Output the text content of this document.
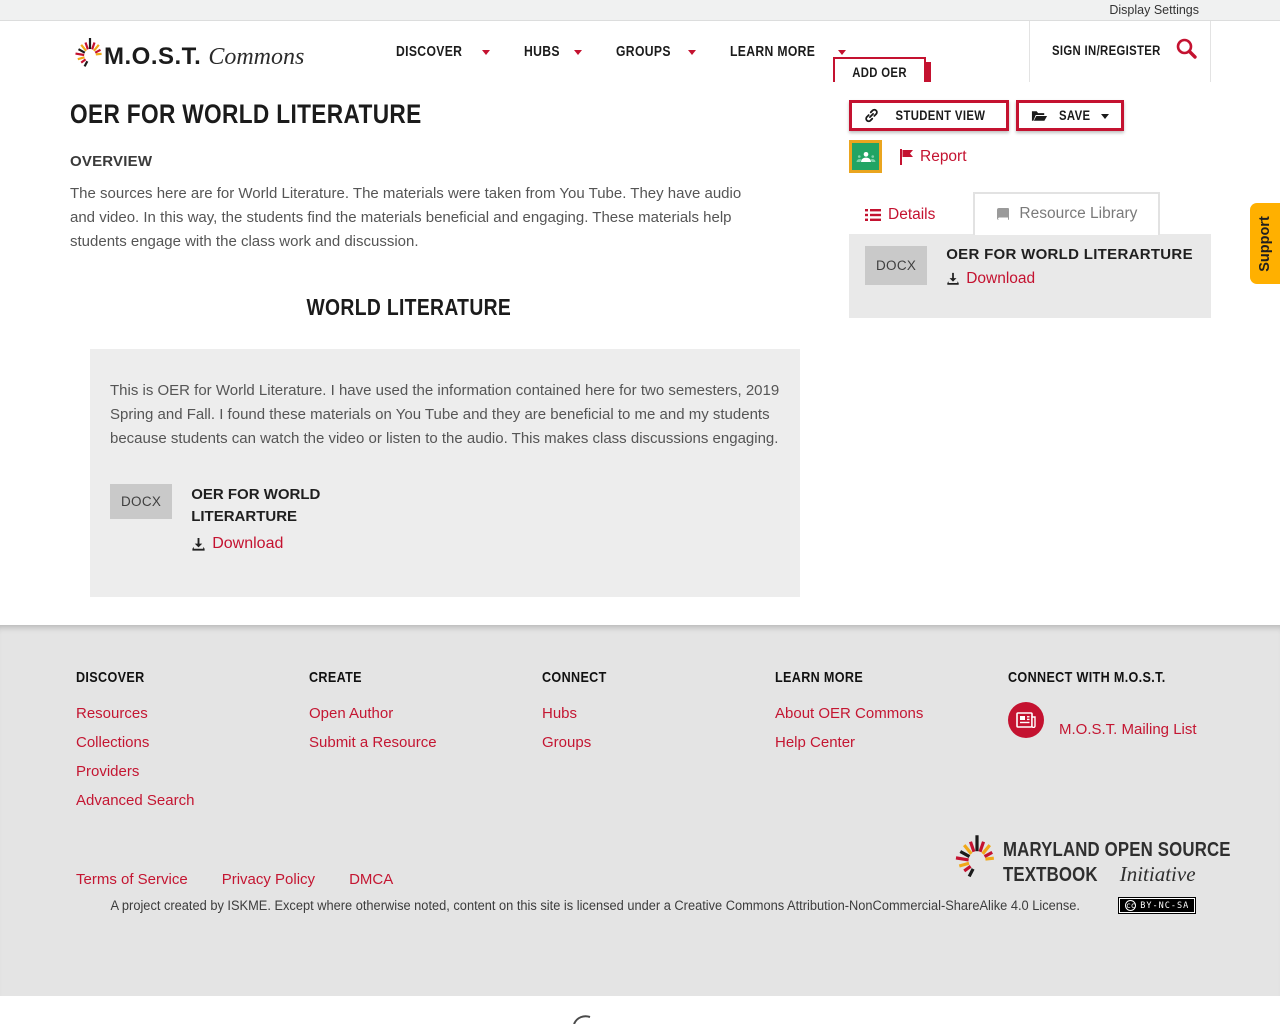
Display Settings
M.O.S.T. Commons	DISCOVER	HUBS	GROUPS	LEARN MORE
ADD OER
SIGN IN/REGISTER
OER FOR WORLD LITERATURE
OVERVIEW

The sources here are for World Literature. The materials were taken from You Tube. They have audio and video. In this way, the students find the materials beneficial and engaging. These materials help students engage with the class work and discussion.

WORLD LITERATURE

This is OER for World Literature. I have used the information contained here for two semesters, 2019 Spring and Fall. I found these materials on You Tube and they are beneficial to me and my students because students can watch the video or listen to the audio. This makes class discussions engaging.

DOCX	OER FOR WORLD LITERARTURE
Download
STUDENT VIEW	SAVE
Report
Details	Resource Library
DOCX
OER FOR WORLD LITERARTURE
Download
Support
DISCOVER
Resources
Collections
Providers
Advanced Search
CREATE
Open Author
Submit a Resource
CONNECT
Hubs
Groups
LEARN MORE
About OER Commons
Help Center
CONNECT WITH M.O.S.T.
M.O.S.T. Mailing List
Terms of Service Privacy Policy DMCA
MARYLAND OPEN SOURCE
TEXTBOOK Initiative
A project created by ISKME. Except where otherwise noted, content on this site is licensed under a Creative Commons Attribution-NonCommercial-ShareAlike 4.0 License.	cc BY-NC-SA
